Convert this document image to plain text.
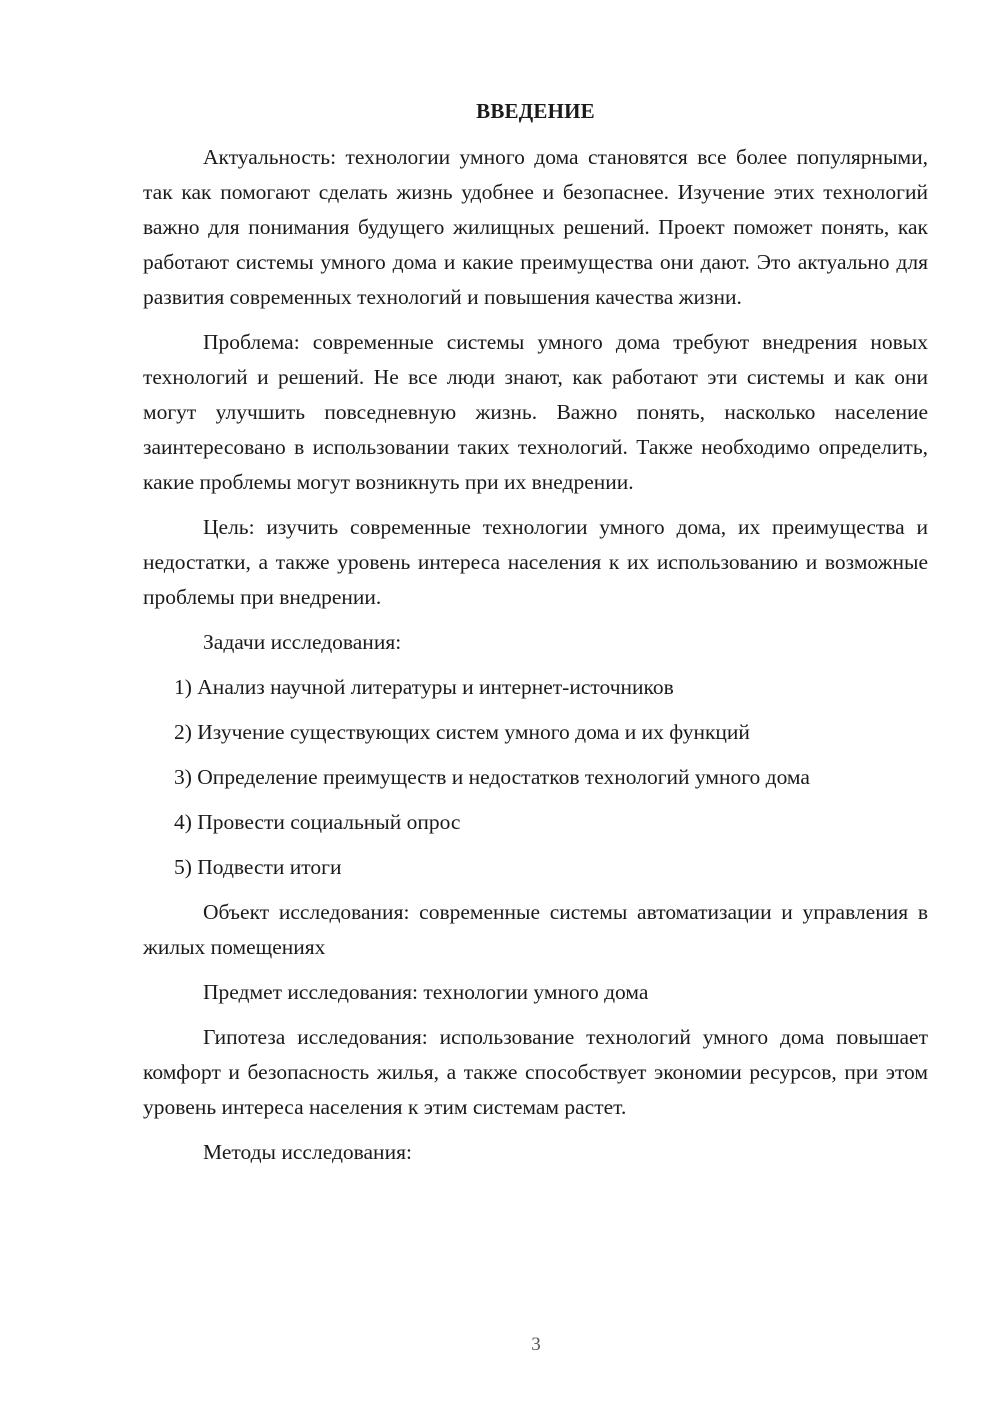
ВВЕДЕНИЕ

Актуальность: технологии умного дома становятся все более популярными, так как помогают сделать жизнь удобнее и безопаснее. Изучение этих технологий важно для понимания будущего жилищных решений. Проект поможет понять, как работают системы умного дома и какие преимущества они дают. Это актуально для развития современных технологий и повышения качества жизни.

Проблема: современные системы умного дома требуют внедрения новых технологий и решений. Не все люди знают, как работают эти системы и как они могут улучшить повседневную жизнь. Важно понять, насколько население заинтересовано в использовании таких технологий. Также необходимо определить, какие проблемы могут возникнуть при их внедрении.

Цель: изучить современные технологии умного дома, их преимущества и недостатки, а также уровень интереса населения к их использованию и возможные проблемы при внедрении.

Задачи исследования:

1) Анализ научной литературы и интернет-источников
2) Изучение существующих систем умного дома и их функций
3) Определение преимуществ и недостатков технологий умного дома
4) Провести социальный опрос
5) Подвести итоги

Объект исследования: современные системы автоматизации и управления в жилых помещениях

Предмет исследования: технологии умного дома

Гипотеза исследования: использование технологий умного дома повышает комфорт и безопасность жилья, а также способствует экономии ресурсов, при этом уровень интереса населения к этим системам растет.

Методы исследования:

3
